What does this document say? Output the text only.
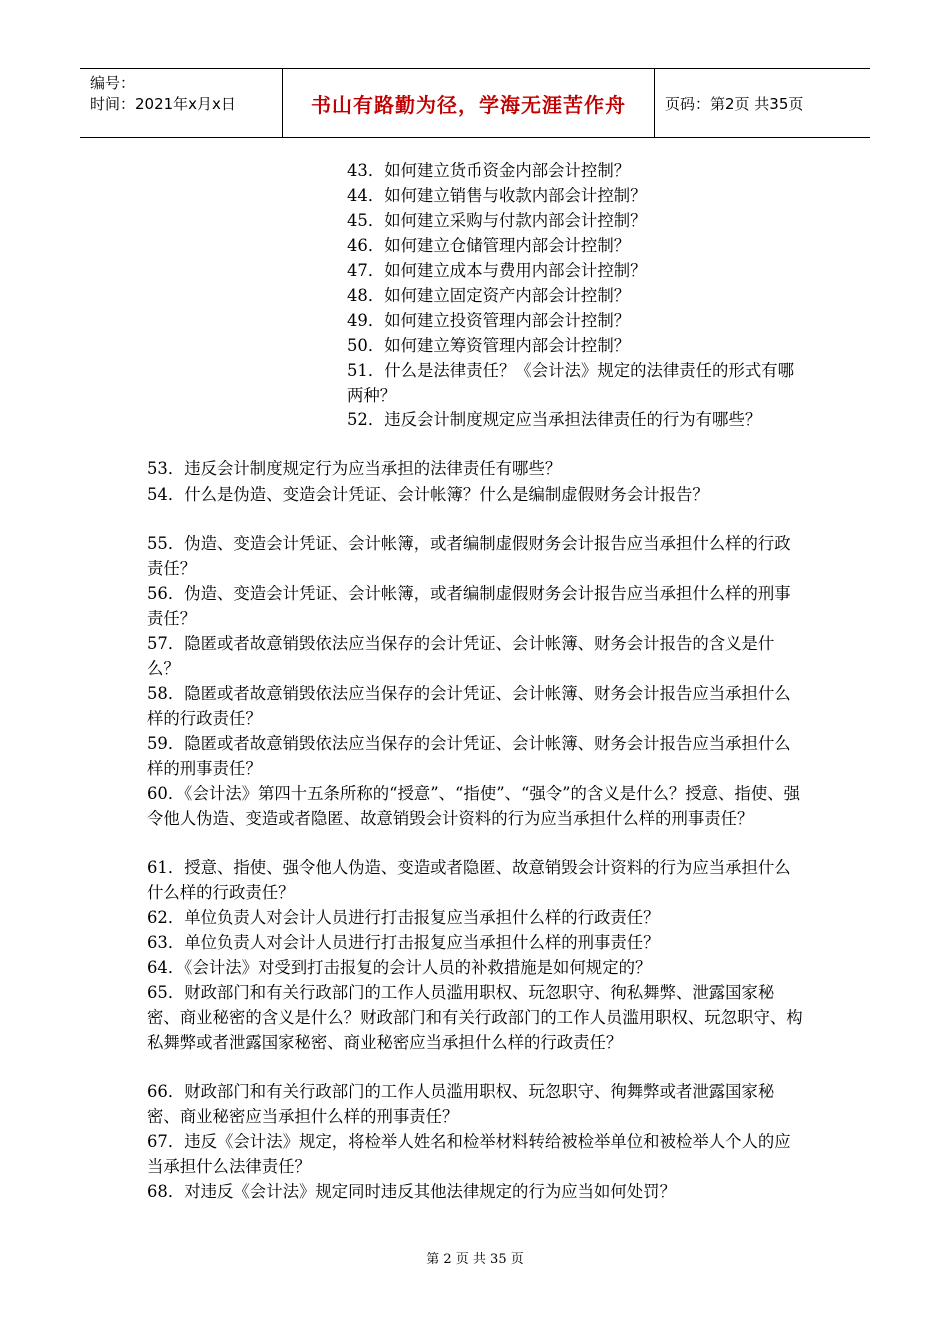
编号：
时间：2021年x月x日	书山有路勤为径，学海无涯苦作舟	页码：第2页 共35页

43．如何建立货币资金内部会计控制？

44．如何建立销售与收款内部会计控制？

45．如何建立采购与付款内部会计控制？

46．如何建立仓储管理内部会计控制？

47．如何建立成本与费用内部会计控制？

48．如何建立固定资产内部会计控制？

49．如何建立投资管理内部会计控制？

50．如何建立筹资管理内部会计控制？

51．什么是法律责任？《会计法》规定的法律责任的形式有哪两种？

52．违反会计制度规定应当承担法律责任的行为有哪些？

53．违反会计制度规定行为应当承担的法律责任有哪些？

54．什么是伪造、变造会计凭证、会计帐簿？什么是编制虚假财务会计报告？

55．伪造、变造会计凭证、会计帐簿，或者编制虚假财务会计报告应当承担什么样的行政责任？

56．伪造、变造会计凭证、会计帐簿，或者编制虚假财务会计报告应当承担什么样的刑事责任？

57．隐匿或者故意销毁依法应当保存的会计凭证、会计帐簿、财务会计报告的含义是什么？

58．隐匿或者故意销毁依法应当保存的会计凭证、会计帐簿、财务会计报告应当承担什么样的行政责任？

59．隐匿或者故意销毁依法应当保存的会计凭证、会计帐簿、财务会计报告应当承担什么样的刑事责任？

60．《会计法》第四十五条所称的“授意”、“指使”、“强令”的含义是什么？授意、指使、强令他人伪造、变造或者隐匿、故意销毁会计资料的行为应当承担什么样的刑事责任？

61．授意、指使、强令他人伪造、变造或者隐匿、故意销毁会计资料的行为应当承担什么什么样的行政责任？

62．单位负责人对会计人员进行打击报复应当承担什么样的行政责任？

63．单位负责人对会计人员进行打击报复应当承担什么样的刑事责任？

64．《会计法》对受到打击报复的会计人员的补救措施是如何规定的？

65．财政部门和有关行政部门的工作人员滥用职权、玩忽职守、徇私舞弊、泄露国家秘密、商业秘密的含义是什么？财政部门和有关行政部门的工作人员滥用职权、玩忽职守、构私舞弊或者泄露国家秘密、商业秘密应当承担什么样的行政责任？

66．财政部门和有关行政部门的工作人员滥用职权、玩忽职守、徇舞弊或者泄露国家秘密、商业秘密应当承担什么样的刑事责任？

67．违反《会计法》规定，将检举人姓名和检举材料转给被检举单位和被检举人个人的应当承担什么法律责任？

68．对违反《会计法》规定同时违反其他法律规定的行为应当如何处罚？

第 2 页 共 35 页
